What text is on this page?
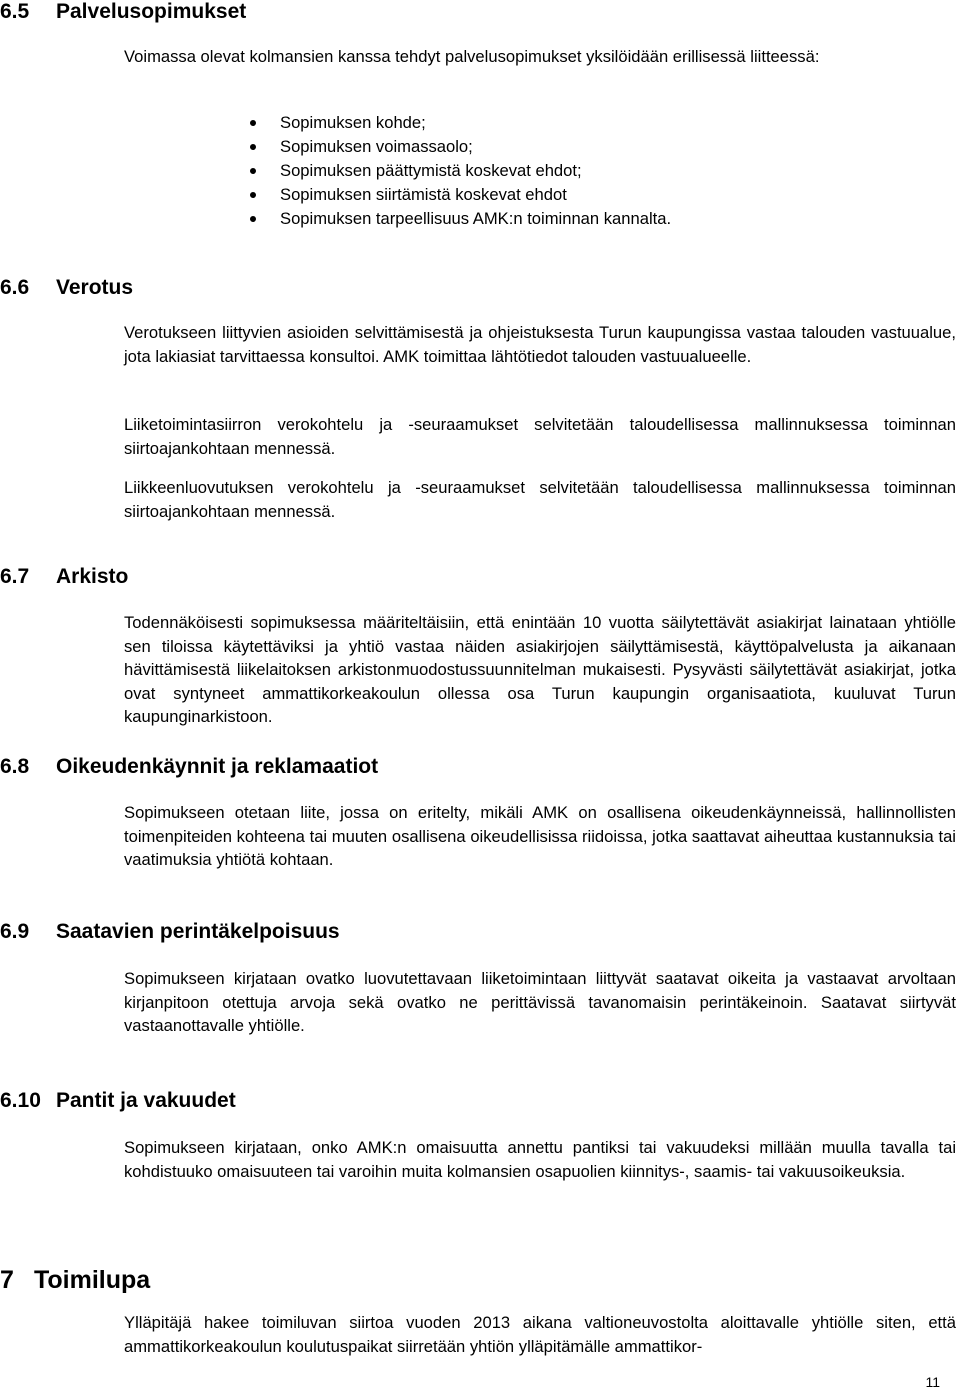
6.5 Palvelusopimukset

Voimassa olevat kolmansien kanssa tehdyt palvelusopimukset yksilöidään erillisessä liitteessä:

Sopimuksen kohde;
Sopimuksen voimassaolo;
Sopimuksen päättymistä koskevat ehdot;
Sopimuksen siirtämistä koskevat ehdot
Sopimuksen tarpeellisuus AMK:n toiminnan kannalta.
6.6 Verotus

Verotukseen liittyvien asioiden selvittämisestä ja ohjeistuksesta Turun kaupungissa vastaa talouden vastuualue, jota lakiasiat tarvittaessa konsultoi. AMK toimittaa lähtötiedot talouden vastuualueelle.

Liiketoimintasiirron verokohtelu ja -seuraamukset selvitetään taloudellisessa mallinnuksessa toiminnan siirtoajankohtaan mennessä.

Liikkeenluovutuksen verokohtelu ja -seuraamukset selvitetään taloudellisessa mallinnuksessa toiminnan siirtoajankohtaan mennessä.

6.7 Arkisto

Todennäköisesti sopimuksessa määriteltäisiin, että enintään 10 vuotta säilytettävät asiakirjat lainataan yhtiölle sen tiloissa käytettäviksi ja yhtiö vastaa näiden asiakirjojen säilyttämisestä, käyttöpalvelusta ja aikanaan hävittämisestä liikelaitoksen arkistonmuodostussuunnitelman mukaisesti. Pysyvästi säilytettävät asiakirjat, jotka ovat syntyneet ammattikorkeakoulun ollessa osa Turun kaupungin organisaatiota, kuuluvat Turun kaupunginarkistoon.

6.8 Oikeudenkäynnit ja reklamaatiot

Sopimukseen otetaan liite, jossa on eritelty, mikäli AMK on osallisena oikeudenkäynneissä, hallinnollisten toimenpiteiden kohteena tai muuten osallisena oikeudellisissa riidoissa, jotka saattavat aiheuttaa kustannuksia tai vaatimuksia yhtiötä kohtaan.

6.9 Saatavien perintäkelpoisuus

Sopimukseen kirjataan ovatko luovutettavaan liiketoimintaan liittyvät saatavat oikeita ja vastaavat arvoltaan kirjanpitoon otettuja arvoja sekä ovatko ne perittävissä tavanomaisin perintäkeinoin. Saatavat siirtyvät vastaanottavalle yhtiölle.

6.10 Pantit ja vakuudet

Sopimukseen kirjataan, onko AMK:n omaisuutta annettu pantiksi tai vakuudeksi millään muulla tavalla tai kohdistuuko omaisuuteen tai varoihin muita kolmansien osapuolien kiinnitys-, saamis- tai vakuusoikeuksia.

7 Toimilupa

Ylläpitäjä hakee toimiluvan siirtoa vuoden 2013 aikana valtioneuvostolta aloittavalle yhtiölle siten, että ammattikorkeakoulun koulutuspaikat siirretään yhtiön ylläpitämälle ammattikor-

11
